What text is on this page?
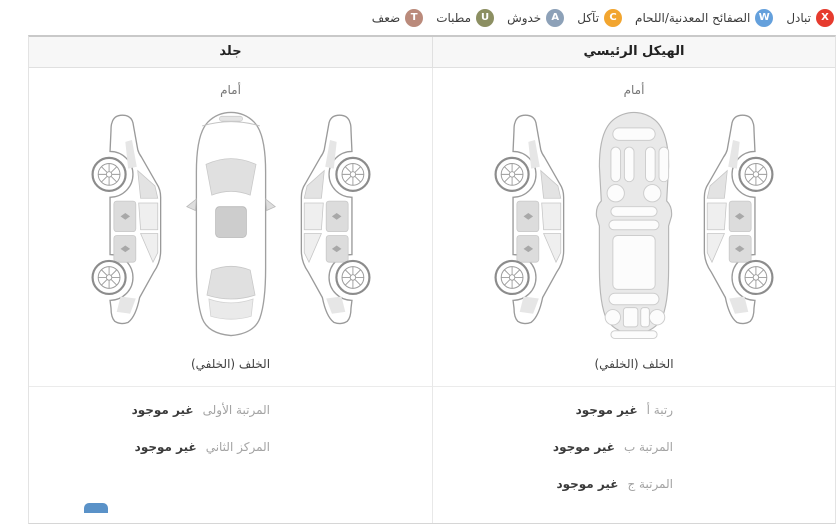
X
تبادل
W
الصفائح المعدنية/اللحام
C
تآكل
A
خدوش
U
مطبات
T
ضعف
الهيكل الرئيسي
جلد
أمام
الخلف (الخلفي)
رتبة أ
غير موجود
المرتبة ب
غير موجود
المرتبة ج
غير موجود
أمام
الخلف (الخلفي)
المرتبة الأولى
غير موجود
المركز الثاني
غير موجود
